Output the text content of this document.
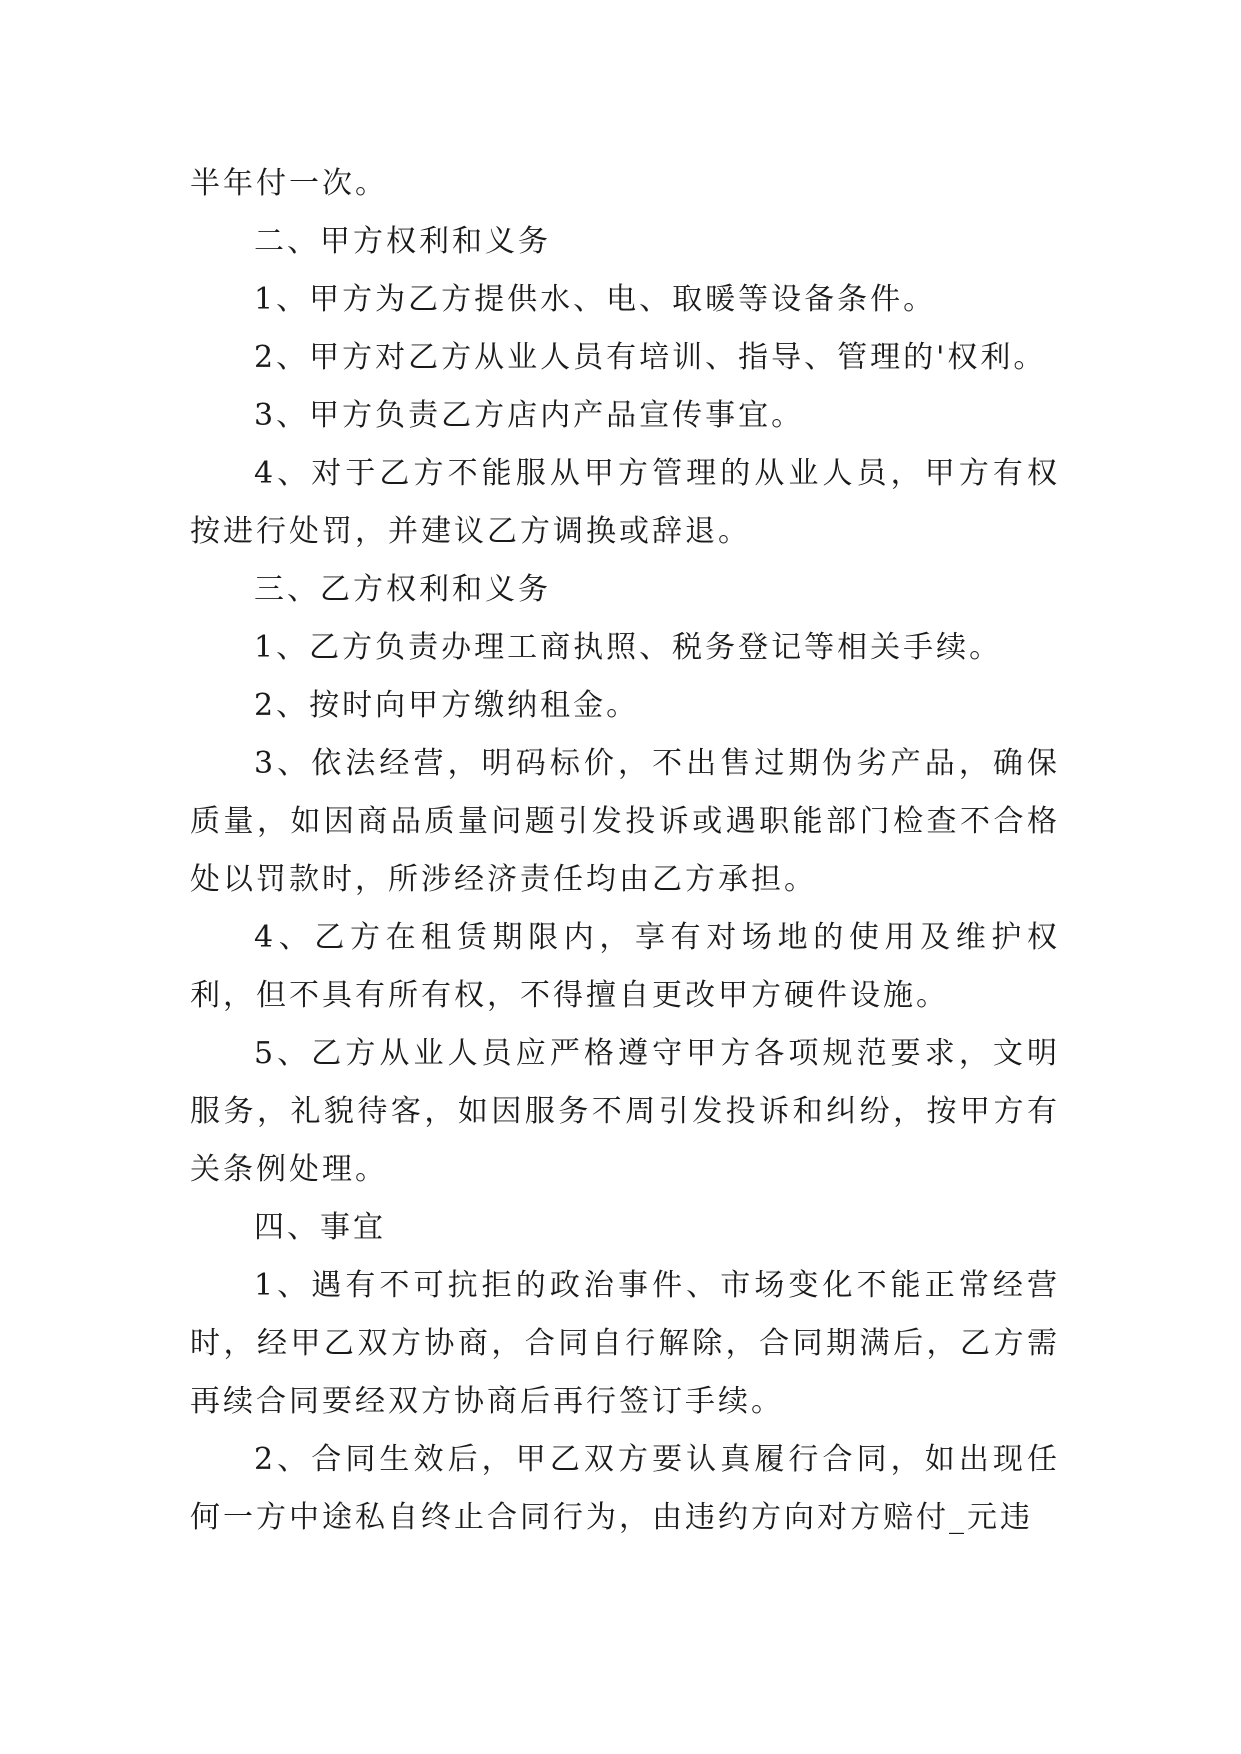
半年付一次。

二、甲方权利和义务

1、甲方为乙方提供水、电、取暖等设备条件。

2、甲方对乙方从业人员有培训、指导、管理的'权利。

3、甲方负责乙方店内产品宣传事宜。

4、对于乙方不能服从甲方管理的从业人员，甲方有权按进行处罚，并建议乙方调换或辞退。

三、乙方权利和义务

1、乙方负责办理工商执照、税务登记等相关手续。

2、按时向甲方缴纳租金。

3、依法经营，明码标价，不出售过期伪劣产品，确保质量，如因商品质量问题引发投诉或遇职能部门检查不合格处以罚款时，所涉经济责任均由乙方承担。

4、乙方在租赁期限内，享有对场地的使用及维护权利，但不具有所有权，不得擅自更改甲方硬件设施。

5、乙方从业人员应严格遵守甲方各项规范要求，文明服务，礼貌待客，如因服务不周引发投诉和纠纷，按甲方有关条例处理。

四、事宜

1、遇有不可抗拒的政治事件、市场变化不能正常经营时，经甲乙双方协商，合同自行解除，合同期满后，乙方需再续合同要经双方协商后再行签订手续。

2、合同生效后，甲乙双方要认真履行合同，如出现任何一方中途私自终止合同行为，由违约方向对方赔付_元违
